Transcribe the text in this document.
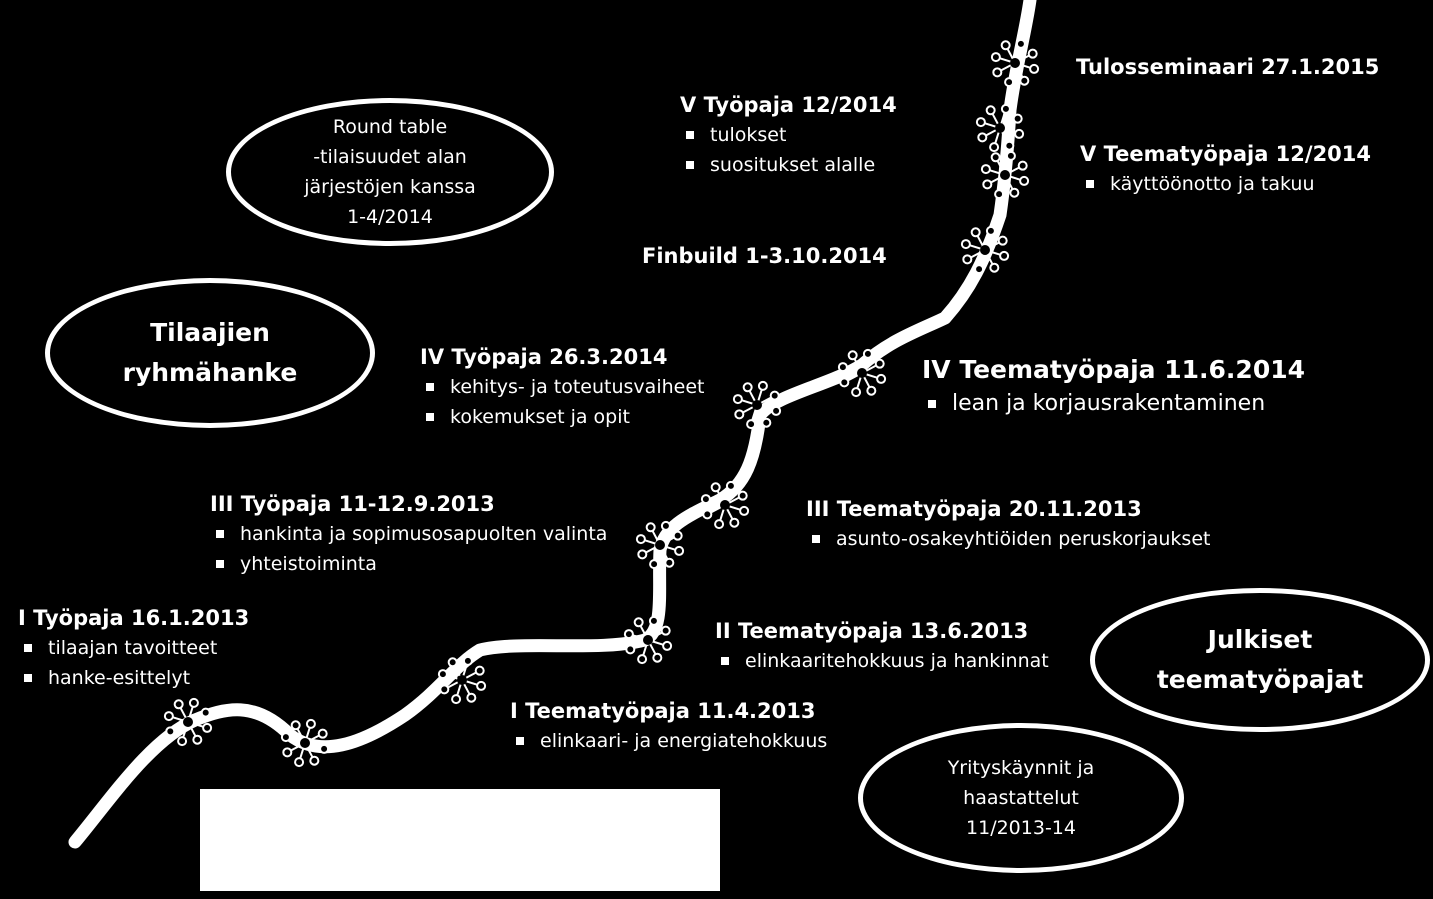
I Työpaja 16.1.2013
tilaajan tavoitteet
hanke-esittelyt
I Teematyöpaja 11.4.2013
elinkaari- ja energiatehokkuus
II Teematyöpaja 13.6.2013
elinkaaritehokkuus ja hankinnat
III Työpaja 11-12.9.2013
hankinta ja sopimusosapuolten valinta
yhteistoiminta
III Teematyöpaja 20.11.2013
asunto-osakeyhtiöiden peruskorjaukset
IV Työpaja 26.3.2014
kehitys- ja toteutusvaiheet
kokemukset ja opit
IV Teematyöpaja 11.6.2014
lean ja korjausrakentaminen
Finbuild 1-3.10.2014
V Työpaja 12/2014
tulokset
suositukset alalle	V Teematyöpaja 12/2014
käyttöönotto ja takuu
Tulosseminaari 27.1.2015
Round table
-tilaisuudet alan
järjestöjen kanssa
1-4/2014
Tilaajien
ryhmähanke
Julkiset
teematyöpajat
Yrityskäynnit ja
haastattelut
11/2013-14
